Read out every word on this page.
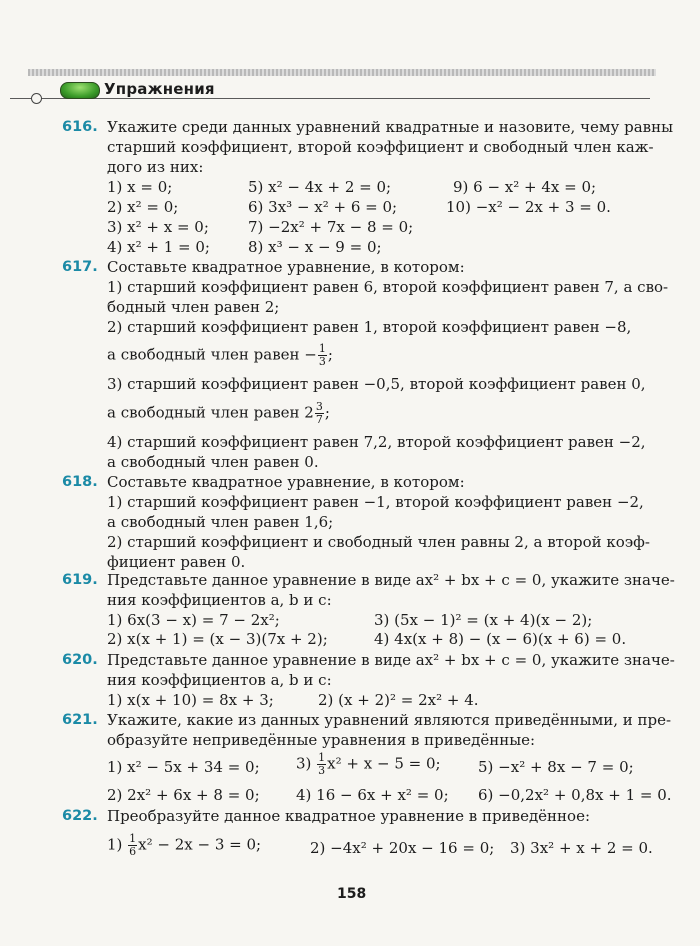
Упражнения
616. Укажите среди данных уравнений квадратные и назовите, чему равны
старший коэффициент, второй коэффициент и свободный член каж-
дого из них:
1) x = 0;
2) x² = 0;
3) x² + x = 0;
4) x² + 1 = 0;
5) x² − 4x + 2 = 0;
6) 3x³ − x² + 6 = 0;
7) −2x² + 7x − 8 = 0;
8) x³ − x − 9 = 0;
9) 6 − x² + 4x = 0;
10) −x² − 2x + 3 = 0.
617. Составьте квадратное уравнение, в котором:
1) старший коэффициент равен 6, второй коэффициент равен 7, а сво-
бодный член равен 2;
2) старший коэффициент равен 1, второй коэффициент равен −8,
а свободный член равен − $\frac{1}{3}$ ;
3) старший коэффициент равен −0,5, второй коэффициент равен 0,
а свободный член равен $2 \frac{3}{7}$ ;
4) старший коэффициент равен 7,2, второй коэффициент равен −2,
а свободный член равен 0.
618. Составьте квадратное уравнение, в котором:
1) старший коэффициент равен −1, второй коэффициент равен −2,
а свободный член равен 1,6;
2) старший коэффициент и свободный член равны 2, а второй коэф-
фициент равен 0.
619. Представьте данное уравнение в виде ax² + bx + c = 0, укажите значе-
ния коэффициентов a, b и c:
1) 6x(3 − x) = 7 − 2x²;
2) x(x + 1) = (x − 3)(7x + 2);
3) (5x − 1)² = (x + 4)(x − 2);
4) 4x(x + 8) − (x − 6)(x + 6) = 0.
620. Представьте данное уравнение в виде ax² + bx + c = 0, укажите значе-
ния коэффициентов a, b и c:
1) x(x + 10) = 8x + 3;	2) (x + 2)² = 2x² + 4.
621. Укажите, какие из данных уравнений являются приведёнными, и пре-
образуйте неприведённые уравнения в приведённые:
1) x² − 5x + 34 = 0;
2) 2x² + 6x + 8 = 0;
$3) \frac{1}{3} x^2 + x - 5 = 0$;
4) 16 − 6x + x² = 0;
5) −x² + 8x − 7 = 0;
6) −0,2x² + 0,8x + 1 = 0.
622. Преобразуйте данное квадратное уравнение в приведённое:
$1) \frac{1}{6} x^2 - 2x - 3 = 0$;	2) −4x² + 20x − 16 = 0; 3) 3x² + x + 2 = 0.
158
